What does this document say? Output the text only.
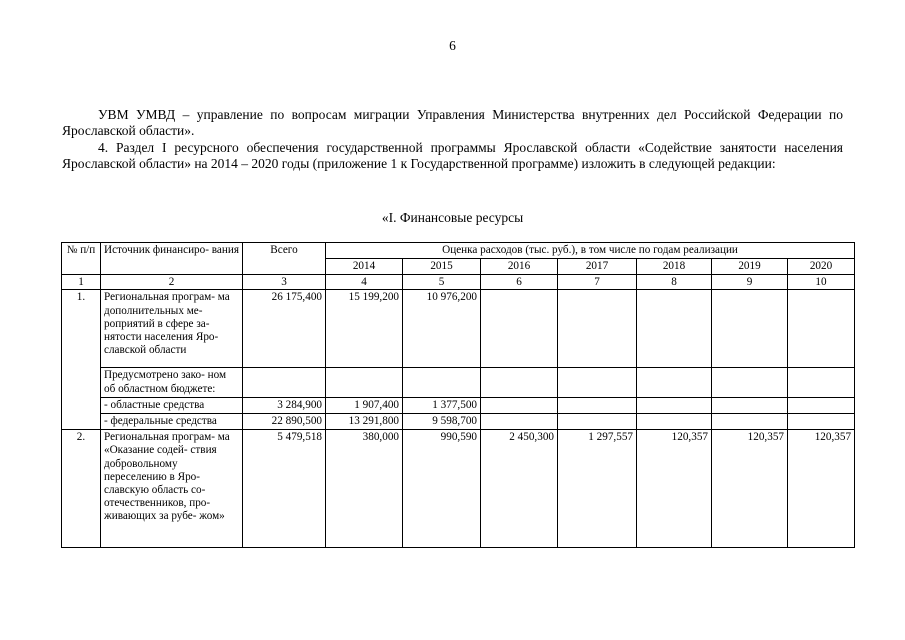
6

УВМ УМВД – управление по вопросам миграции Управления Министерства внутренних дел Российской Федерации по Ярославской области».

4. Раздел I ресурсного обеспечения государственной программы Ярославской области «Содействие занятости населения Ярославской области» на 2014 – 2020 годы (приложение 1 к Государственной программе) изложить в следующей редакции:

«I. Финансовые ресурсы
№ п/п	Источник финансиро- вания	Всего	Оценка расходов (тыс. руб.), в том числе по годам реализации						
			2014	2015	2016	2017	2018	2019	2020
1	2	3	4	5	6	7	8	9	10
1.	Региональная програм- ма дополнительных ме- роприятий в сфере за- нятости населения Яро- славской области	26 175,400	15 199,200	10 976,200					
	Предусмотрено зако- ном об областном бюджете:								
	- областные средства	3 284,900	1 907,400	1 377,500					
	- федеральные средства	22 890,500	13 291,800	9 598,700					
2.	Региональная програм- ма «Оказание содей- ствия добровольному переселению в Яро- славскую область со- отечественников, про- живающих за рубе- жом»	5 479,518	380,000	990,590	2 450,300	1 297,557	120,357	120,357	120,357
